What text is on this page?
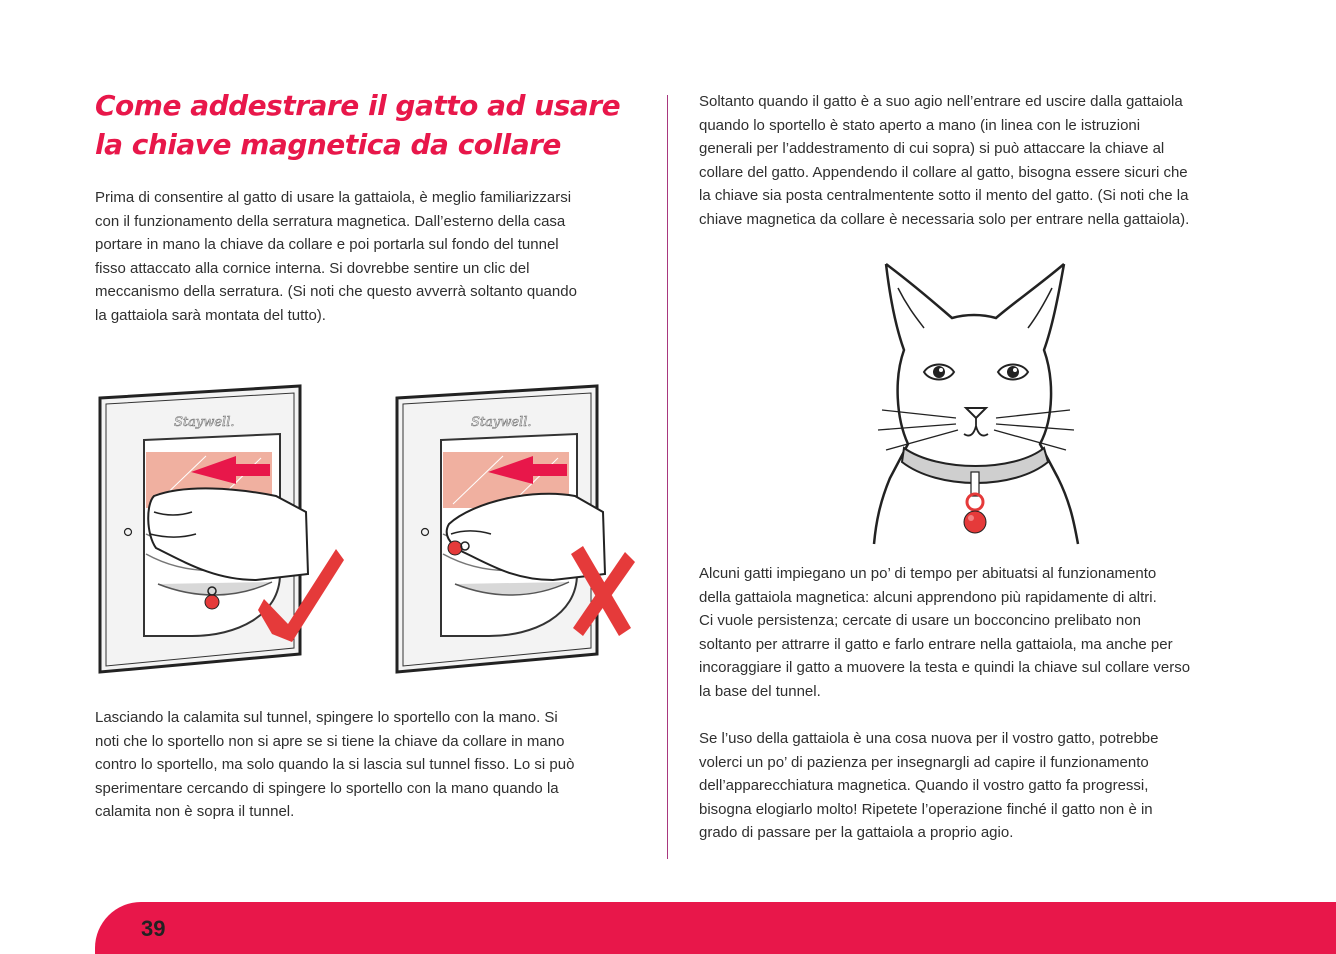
Come addestrare il gatto ad usare la chiave magnetica da collare

Prima di consentire al gatto di usare la gattaiola, è meglio familiarizzarsi
con il funzionamento della serratura magnetica. Dall’esterno della casa
portare in mano la chiave da collare e poi portarla sul fondo del tunnel
fisso attaccato alla cornice interna. Si dovrebbe sentire un clic del
meccanismo della serratura. (Si noti che questo avverrà soltanto quando
la gattaiola sarà montata del tutto).

Staywell.	Staywell.

Lasciando la calamita sul tunnel, spingere lo sportello con la mano. Si
noti che lo sportello non si apre se si tiene la chiave da collare in mano
contro lo sportello, ma solo quando la si lascia sul tunnel fisso. Lo si può
sperimentare cercando di spingere lo sportello con la mano quando la
calamita non è sopra il tunnel.

Soltanto quando il gatto è a suo agio nell’entrare ed uscire dalla gattaiola
quando lo sportello è stato aperto a mano (in linea con le istruzioni
generali per l’addestramento di cui sopra) si può attaccare la chiave al
collare del gatto. Appendendo il collare al gatto, bisogna essere sicuri che
la chiave sia posta centralmentente sotto il mento del gatto. (Si noti che la
chiave magnetica da collare è necessaria solo per entrare nella gattaiola).

Alcuni gatti impiegano un po’ di tempo per abituatsi al funzionamento
della gattaiola magnetica: alcuni apprendono più rapidamente di altri.
Ci vuole persistenza; cercate di usare un bocconcino prelibato non
soltanto per attrarre il gatto e farlo entrare nella gattaiola, ma anche per
incoraggiare il gatto a muovere la testa e quindi la chiave sul collare verso
la base del tunnel.

Se l’uso della gattaiola è una cosa nuova per il vostro gatto, potrebbe
volerci un po’ di pazienza per insegnargli ad capire il funzionamento
dell’apparecchiatura magnetica. Quando il vostro gatto fa progressi,
bisogna elogiarlo molto! Ripetete l’operazione finché il gatto non è in
grado di passare per la gattaiola a proprio agio.

39
